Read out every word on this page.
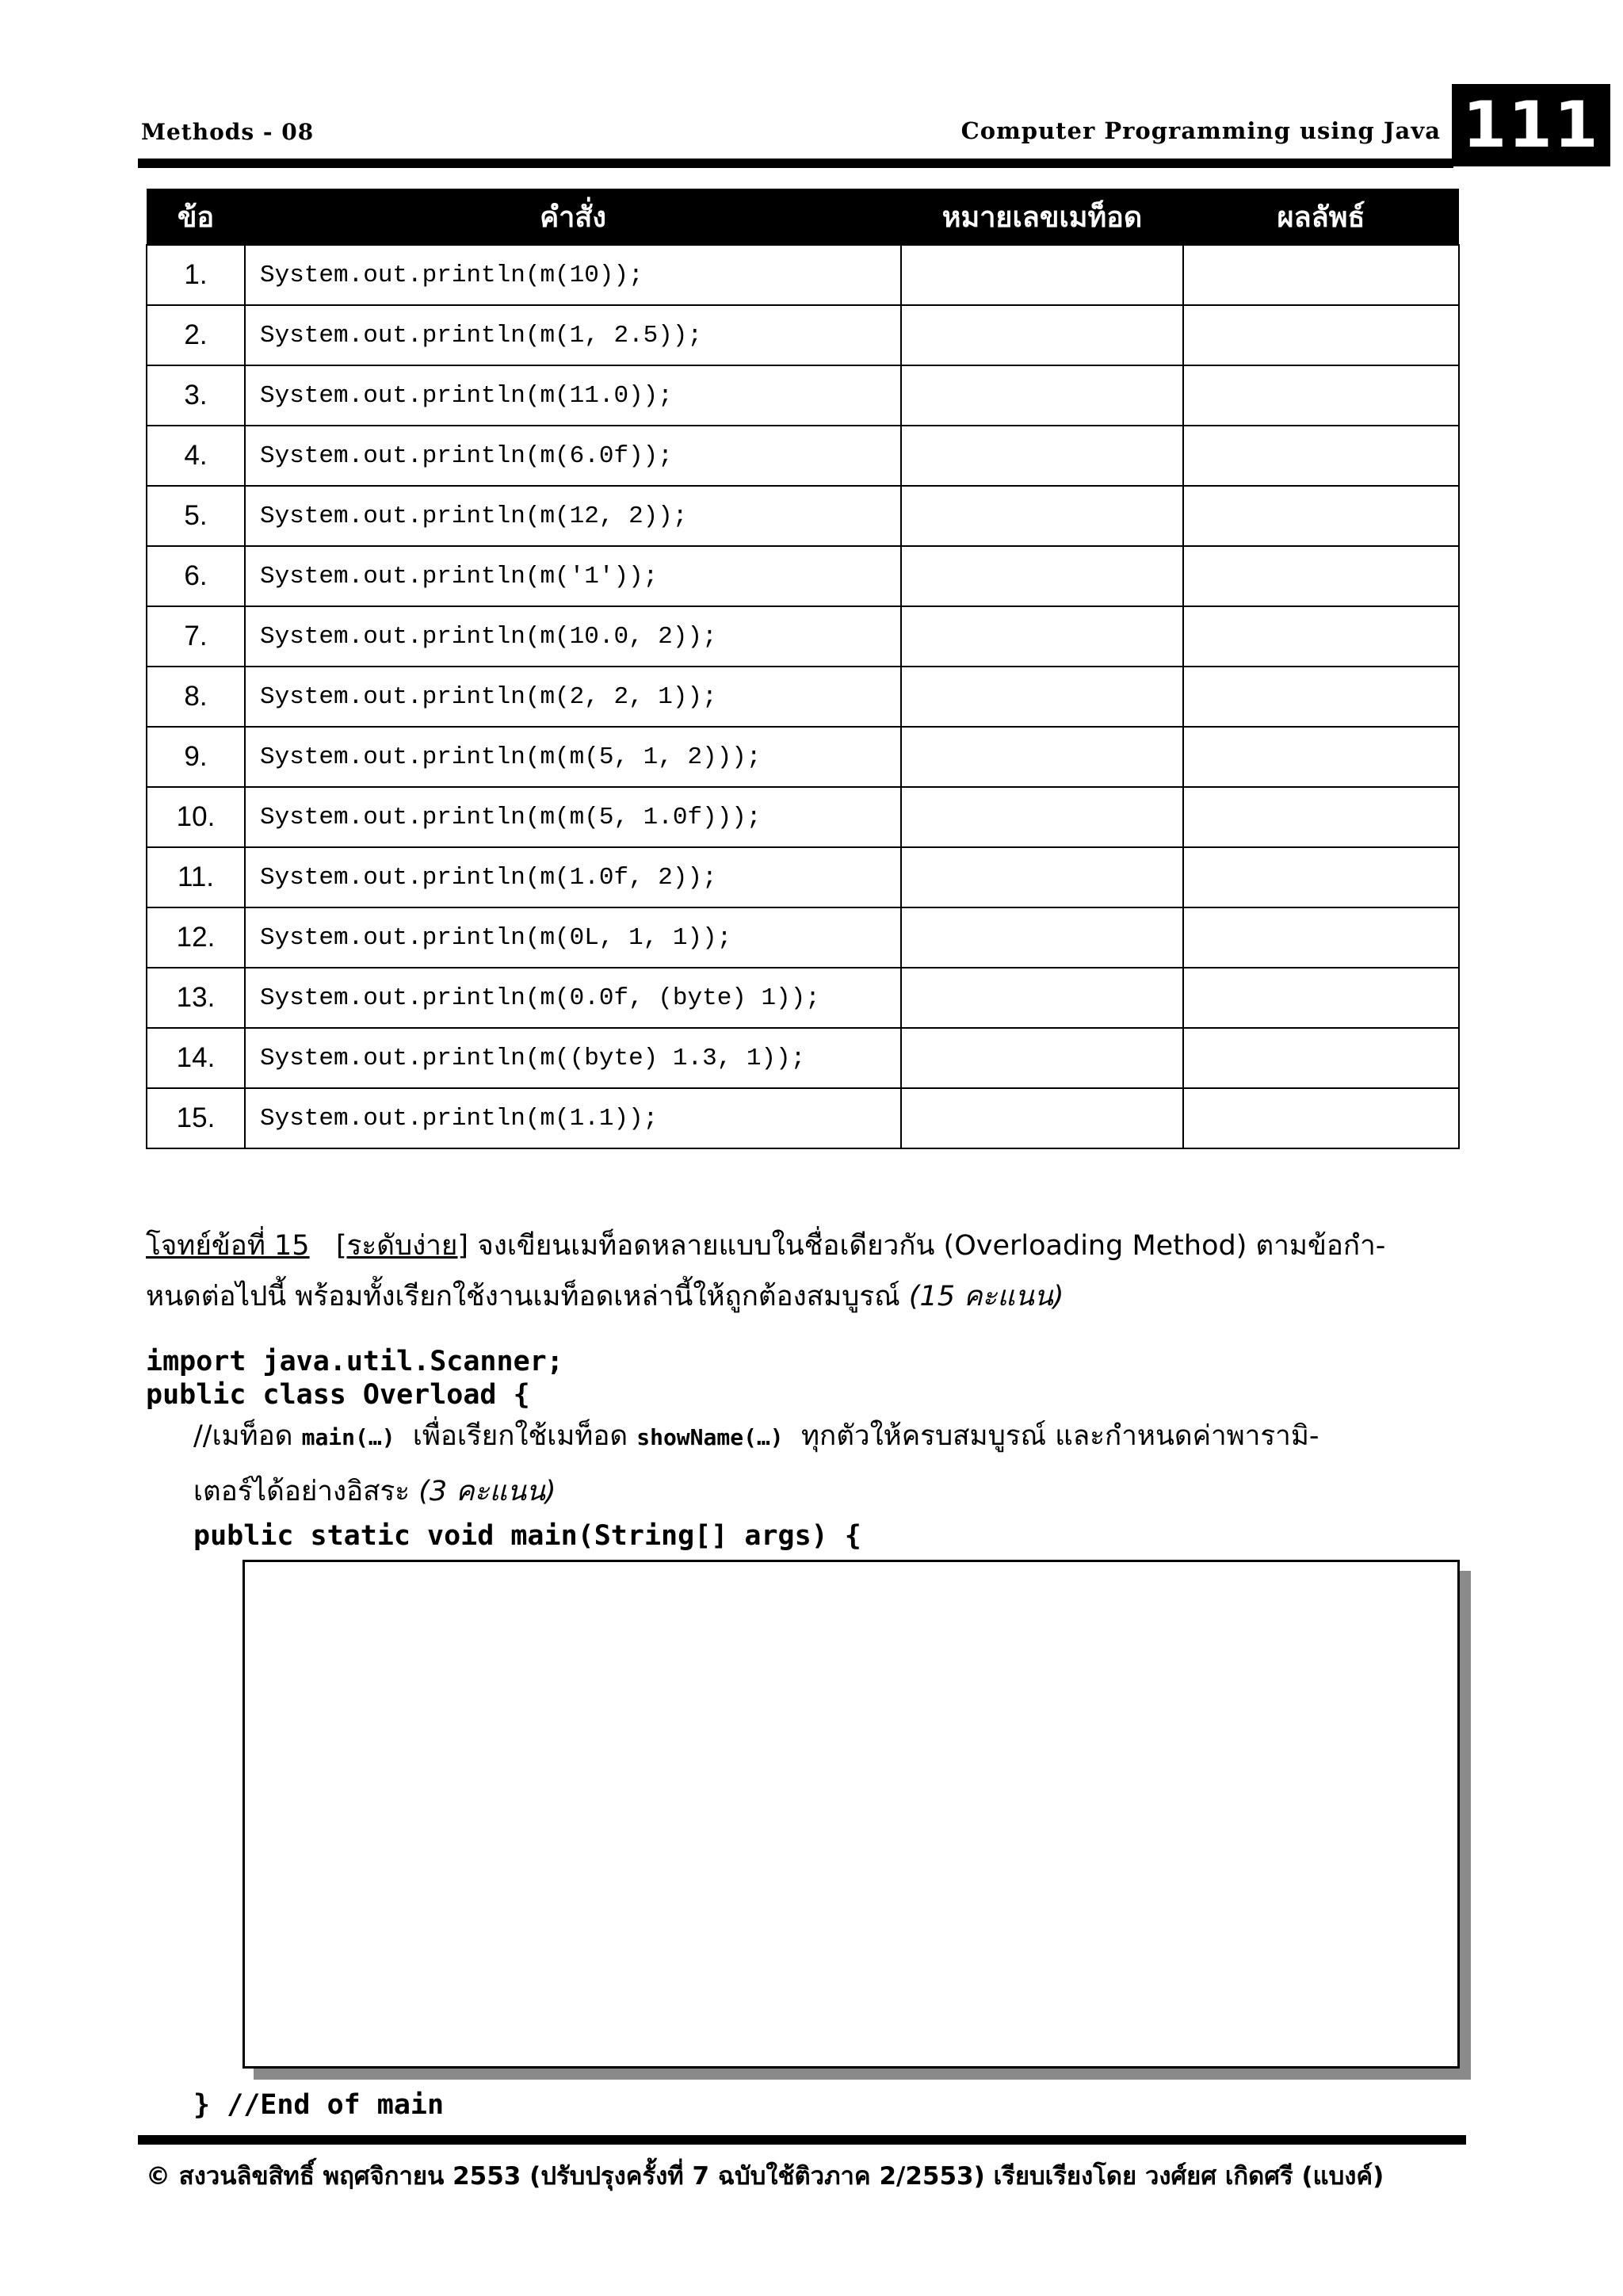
Methods - 08	Computer Programming using Java 111
ข้อ	คำสั่ง	หมายเลขเมท็อด	ผลลัพธ์
1.	System.out.println(m(10));		
2.	System.out.println(m(1, 2.5));		
3.	System.out.println(m(11.0));		
4.	System.out.println(m(6.0f));		
5.	System.out.println(m(12, 2));		
6.	System.out.println(m('1'));		
7.	System.out.println(m(10.0, 2));		
8.	System.out.println(m(2, 2, 1));		
9.	System.out.println(m(m(5, 1, 2)));		
10.	System.out.println(m(m(5, 1.0f)));		
11.	System.out.println(m(1.0f, 2));		
12.	System.out.println(m(0L, 1, 1));		
13.	System.out.println(m(0.0f, (byte) 1));		
14.	System.out.println(m((byte) 1.3, 1));		
15.	System.out.println(m(1.1));		
โจทย์ข้อที่ 15 [ระดับง่าย] จงเขียนเมท็อดหลายแบบในชื่อเดียวกัน (Overloading Method) ตามข้อกำ-
หนดต่อไปนี้ พร้อมทั้งเรียกใช้งานเมท็อดเหล่านี้ให้ถูกต้องสมบูรณ์ (15 คะแนน)
import java.util.Scanner;
public class Overload {
//เมท็อด main(…) เพื่อเรียกใช้เมท็อด showName(…) ทุกตัวให้ครบสมบูรณ์ และกำหนดค่าพารามิ-
เตอร์ได้อย่างอิสระ (3 คะแนน)
public static void main(String[] args) {
} //End of main
© สงวนลิขสิทธิ์ พฤศจิกายน 2553 (ปรับปรุงครั้งที่ 7 ฉบับใช้ติวภาค 2/2553) เรียบเรียงโดย วงศ์ยศ เกิดศรี (แบงค์)
